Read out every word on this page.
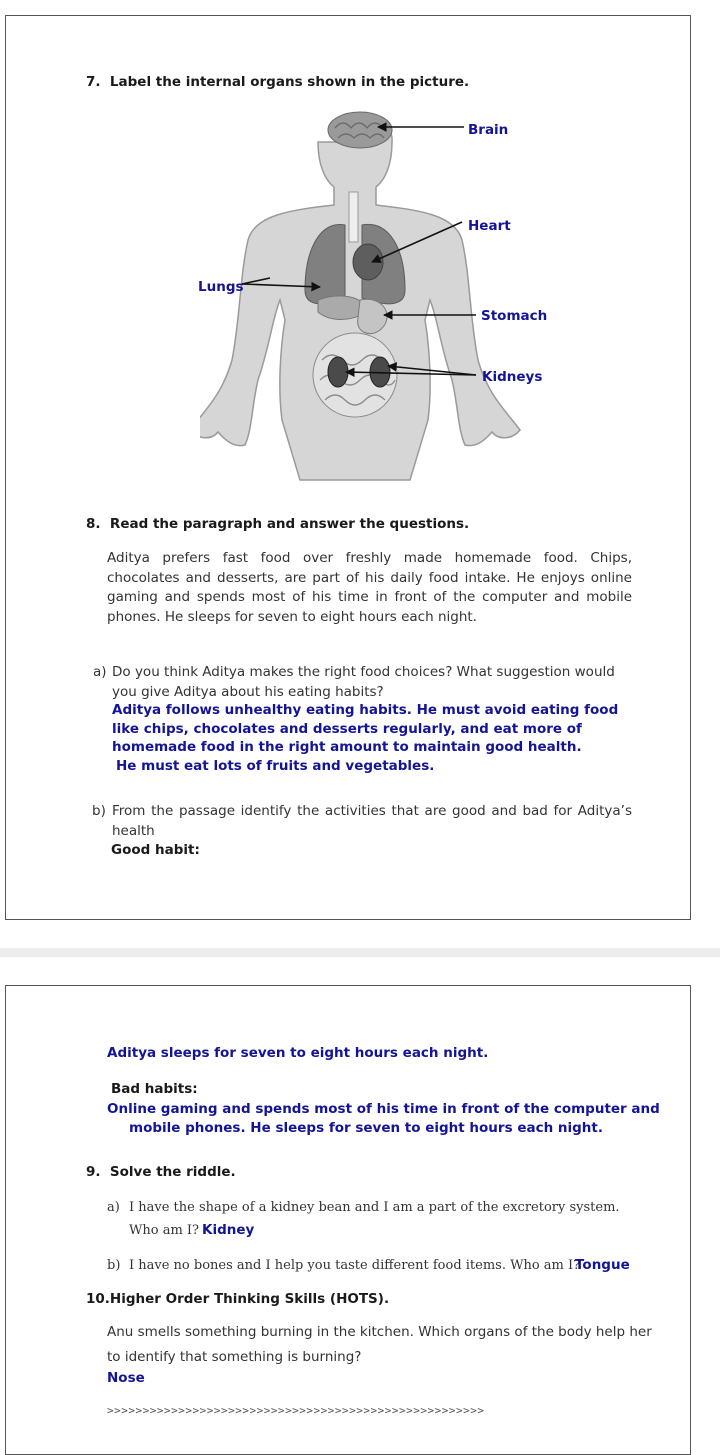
7.  Label the internal organs shown in the picture.
Brain
Heart
Lungs
Stomach
Kidneys
8.  Read the paragraph and answer the questions.
Aditya prefers fast food over freshly made homemade food. Chips, chocolates and desserts, are part of his daily food intake. He enjoys online gaming and spends most of his time in front of the computer and mobile phones. He sleeps for seven to eight hours each night.
a) Do you think Aditya makes the right food choices? What suggestion would you give Aditya about his eating habits?
Aditya follows unhealthy eating habits. He must avoid eating food like chips, chocolates and desserts regularly, and eat more of homemade food in the right amount to maintain good health.
He must eat lots of fruits and vegetables.
b) From the passage identify the activities that are good and bad for Aditya’s health
Good habit:
Aditya sleeps for seven to eight hours each night.
Bad habits:
Online gaming and spends most of his time in front of the computer and
mobile phones. He sleeps for seven to eight hours each night.
9.  Solve the riddle.
a) I have the shape of a kidney bean and I am a part of the excretory system.
Who am I? Kidney
b) I have no bones and I help you taste different food items. Who am I?
Tongue
10.Higher Order Thinking Skills (HOTS).
Anu smells something burning in the kitchen. Which organs of the body help her
to identify that something is burning?
Nose
>>>>>>>>>>>>>>>>>>>>>>>>>>>>>>>>>>>>>>>>>>>>>>>>>>>>>
